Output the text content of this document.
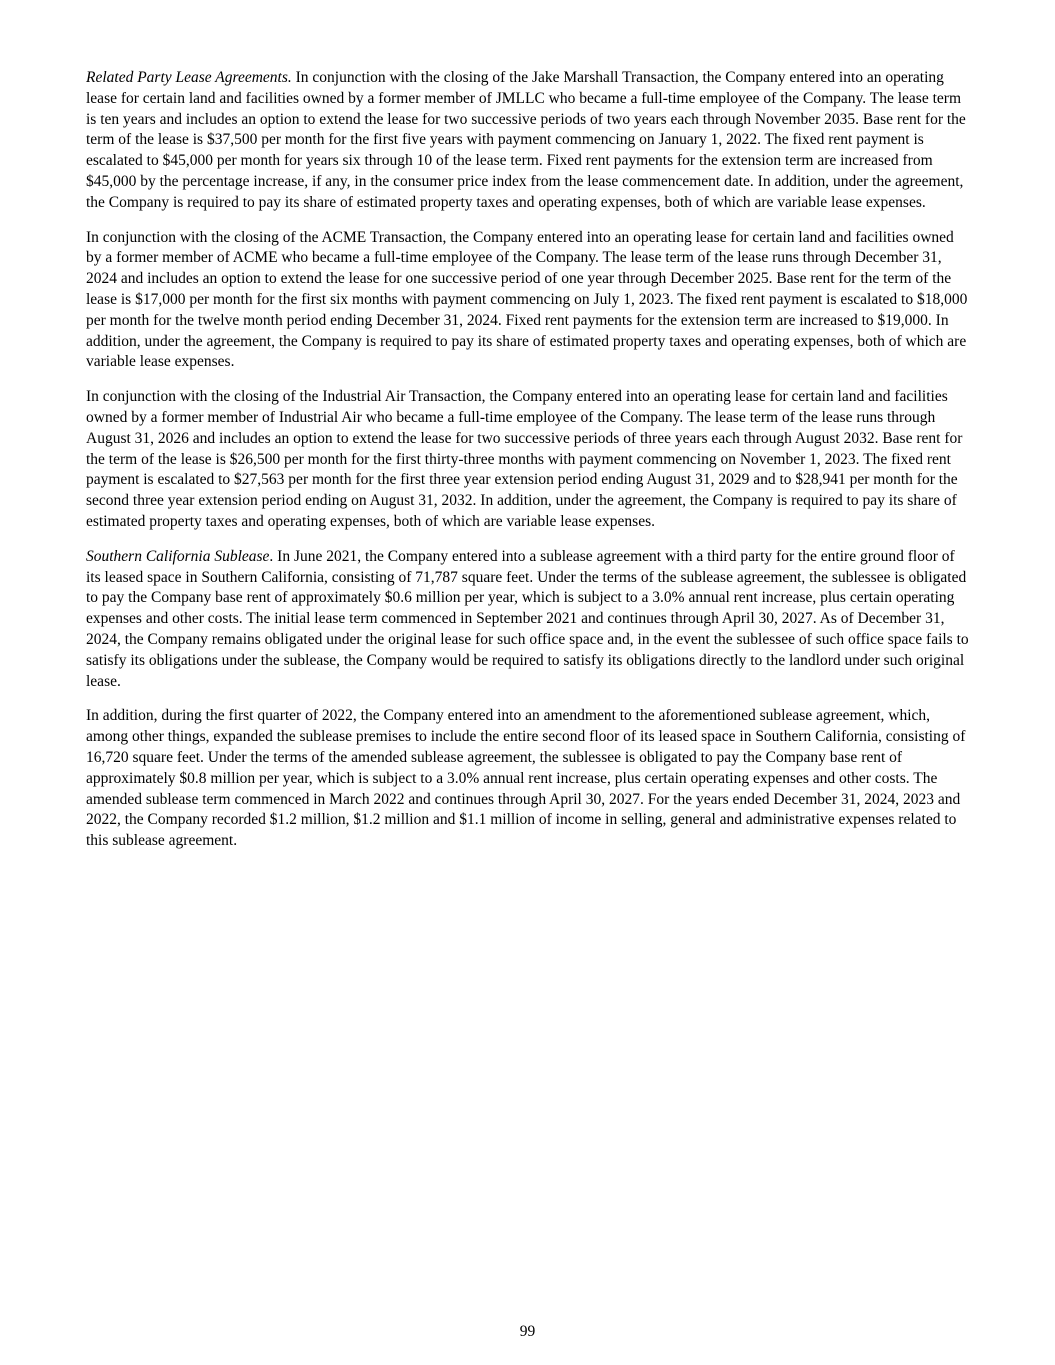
Related Party Lease Agreements. In conjunction with the closing of the Jake Marshall Transaction, the Company entered into an operating lease for certain land and facilities owned by a former member of JMLLC who became a full-time employee of the Company. The lease term is ten years and includes an option to extend the lease for two successive periods of two years each through November 2035. Base rent for the term of the lease is $37,500 per month for the first five years with payment commencing on January 1, 2022. The fixed rent payment is escalated to $45,000 per month for years six through 10 of the lease term. Fixed rent payments for the extension term are increased from $45,000 by the percentage increase, if any, in the consumer price index from the lease commencement date. In addition, under the agreement, the Company is required to pay its share of estimated property taxes and operating expenses, both of which are variable lease expenses.

In conjunction with the closing of the ACME Transaction, the Company entered into an operating lease for certain land and facilities owned by a former member of ACME who became a full-time employee of the Company. The lease term of the lease runs through December 31, 2024 and includes an option to extend the lease for one successive period of one year through December 2025. Base rent for the term of the lease is $17,000 per month for the first six months with payment commencing on July 1, 2023. The fixed rent payment is escalated to $18,000 per month for the twelve month period ending December 31, 2024. Fixed rent payments for the extension term are increased to $19,000. In addition, under the agreement, the Company is required to pay its share of estimated property taxes and operating expenses, both of which are variable lease expenses.

In conjunction with the closing of the Industrial Air Transaction, the Company entered into an operating lease for certain land and facilities owned by a former member of Industrial Air who became a full-time employee of the Company. The lease term of the lease runs through August 31, 2026 and includes an option to extend the lease for two successive periods of three years each through August 2032. Base rent for the term of the lease is $26,500 per month for the first thirty-three months with payment commencing on November 1, 2023. The fixed rent payment is escalated to $27,563 per month for the first three year extension period ending August 31, 2029 and to $28,941 per month for the second three year extension period ending on August 31, 2032. In addition, under the agreement, the Company is required to pay its share of estimated property taxes and operating expenses, both of which are variable lease expenses.

Southern California Sublease. In June 2021, the Company entered into a sublease agreement with a third party for the entire ground floor of its leased space in Southern California, consisting of 71,787 square feet. Under the terms of the sublease agreement, the sublessee is obligated to pay the Company base rent of approximately $0.6 million per year, which is subject to a 3.0% annual rent increase, plus certain operating expenses and other costs. The initial lease term commenced in September 2021 and continues through April 30, 2027. As of December 31, 2024, the Company remains obligated under the original lease for such office space and, in the event the sublessee of such office space fails to satisfy its obligations under the sublease, the Company would be required to satisfy its obligations directly to the landlord under such original lease.

In addition, during the first quarter of 2022, the Company entered into an amendment to the aforementioned sublease agreement, which, among other things, expanded the sublease premises to include the entire second floor of its leased space in Southern California, consisting of 16,720 square feet. Under the terms of the amended sublease agreement, the sublessee is obligated to pay the Company base rent of approximately $0.8 million per year, which is subject to a 3.0% annual rent increase, plus certain operating expenses and other costs. The amended sublease term commenced in March 2022 and continues through April 30, 2027. For the years ended December 31, 2024, 2023 and 2022, the Company recorded $1.2 million, $1.2 million and $1.1 million of income in selling, general and administrative expenses related to this sublease agreement.

99
